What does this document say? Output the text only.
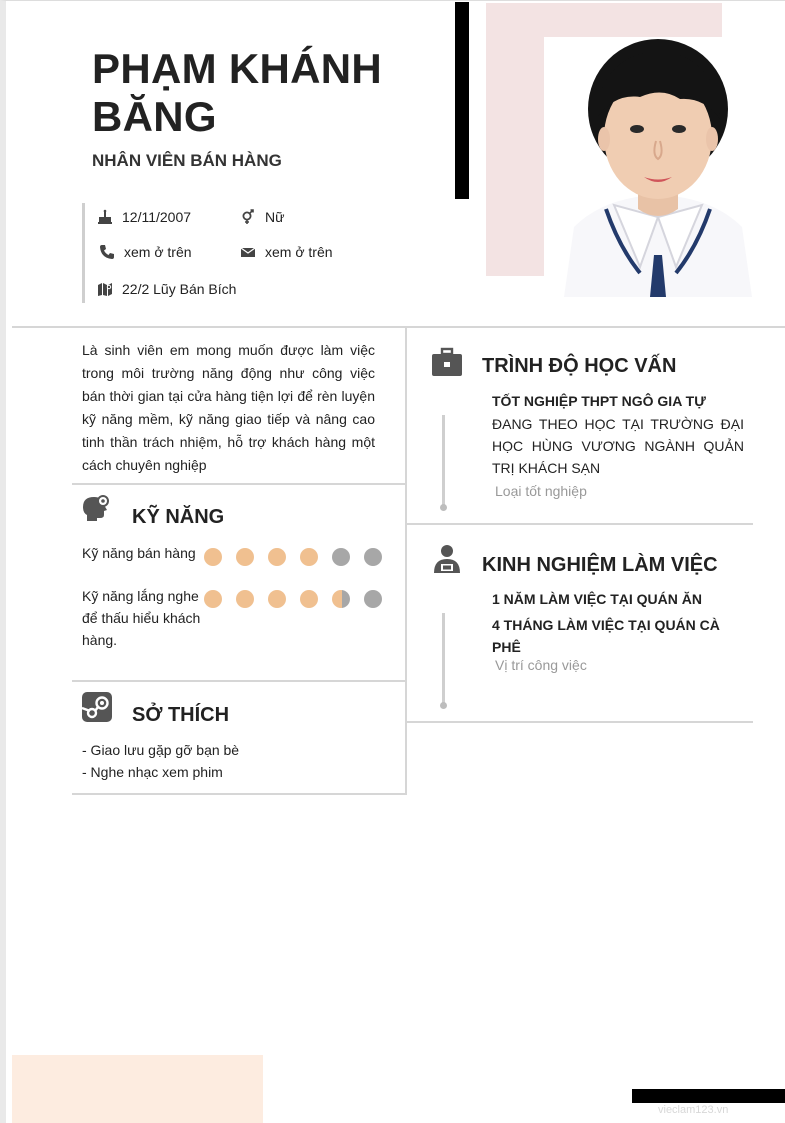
PHẠM KHÁNH BĂNG
NHÂN VIÊN BÁN HÀNG
12/11/2007	Nữ
xem ở trên	xem ở trên
22/2 Lũy Bán Bích

Là sinh viên em mong muốn được làm việc trong môi trường năng động như công việc bán thời gian tại cửa hàng tiện lợi để rèn luyện kỹ năng mềm, kỹ năng giao tiếp và nâng cao tinh thần trách nhiệm, hỗ trợ khách hàng một cách chuyên nghiệp

KỸ NĂNG
Kỹ năng bán hàng
Kỹ năng lắng nghe để thấu hiểu khách hàng.
SỞ THÍCH
- Giao lưu gặp gỡ bạn bè
- Nghe nhạc xem phim
TRÌNH ĐỘ HỌC VẤN
TỐT NGHIỆP THPT NGÔ GIA TỰ
ĐANG THEO HỌC TẠI TRƯỜNG ĐẠI HỌC HÙNG VƯƠNG NGÀNH QUẢN TRỊ KHÁCH SẠN
Loại tốt nghiệp
KINH NGHIỆM LÀM VIỆC
1 NĂM LÀM VIỆC TẠI QUÁN ĂN
4 THÁNG LÀM VIỆC TẠI QUÁN CÀ PHÊ
Vị trí công việc
vieclam123.vn
